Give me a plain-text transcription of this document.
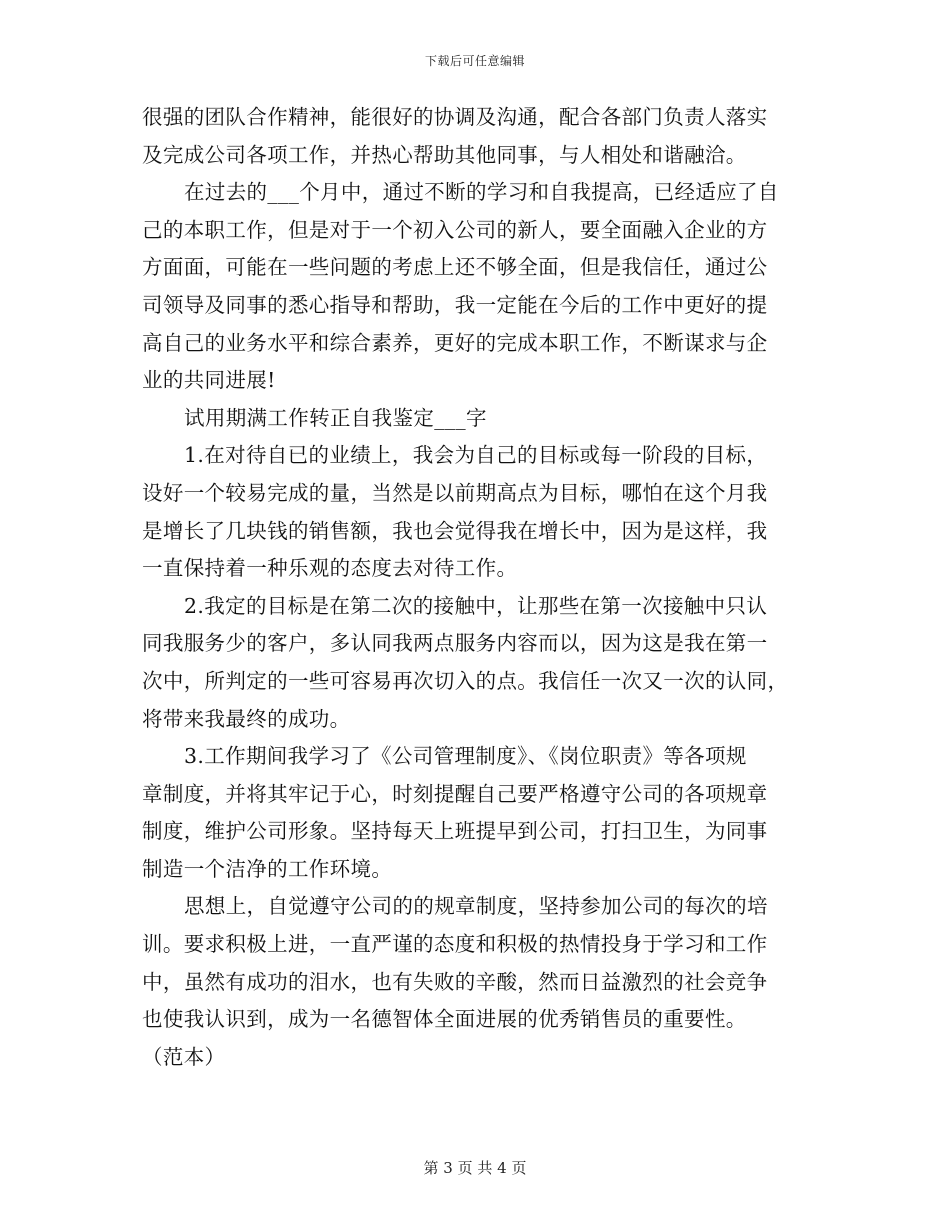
下载后可任意编辑
很强的团队合作精神，能很好的协调及沟通，配合各部门负责人落实
及完成公司各项工作，并热心帮助其他同事，与人相处和谐融洽。
在过去的___个月中，通过不断的学习和自我提高，已经适应了自
己的本职工作，但是对于一个初入公司的新人，要全面融入企业的方
方面面，可能在一些问题的考虑上还不够全面，但是我信任，通过公
司领导及同事的悉心指导和帮助，我一定能在今后的工作中更好的提
高自己的业务水平和综合素养，更好的完成本职工作，不断谋求与企
业的共同进展!
试用期满工作转正自我鉴定___字
1.在对待自已的业绩上，我会为自己的目标或每一阶段的目标，
设好一个较易完成的量，当然是以前期高点为目标，哪怕在这个月我
是增长了几块钱的销售额，我也会觉得我在增长中，因为是这样，我
一直保持着一种乐观的态度去对待工作。
2.我定的目标是在第二次的接触中，让那些在第一次接触中只认
同我服务少的客户，多认同我两点服务内容而以，因为这是我在第一
次中，所判定的一些可容易再次切入的点。我信任一次又一次的认同，
将带来我最终的成功。
3.工作期间我学习了《公司管理制度》、《岗位职责》等各项规
章制度，并将其牢记于心，时刻提醒自己要严格遵守公司的各项规章
制度，维护公司形象。坚持每天上班提早到公司，打扫卫生，为同事
制造一个洁净的工作环境。
思想上，自觉遵守公司的的规章制度，坚持参加公司的每次的培
训。要求积极上进，一直严谨的态度和积极的热情投身于学习和工作
中，虽然有成功的泪水，也有失败的辛酸，然而日益激烈的社会竞争
也使我认识到，成为一名德智体全面进展的优秀销售员的重要性。
（范本）
第 3 页 共 4 页
